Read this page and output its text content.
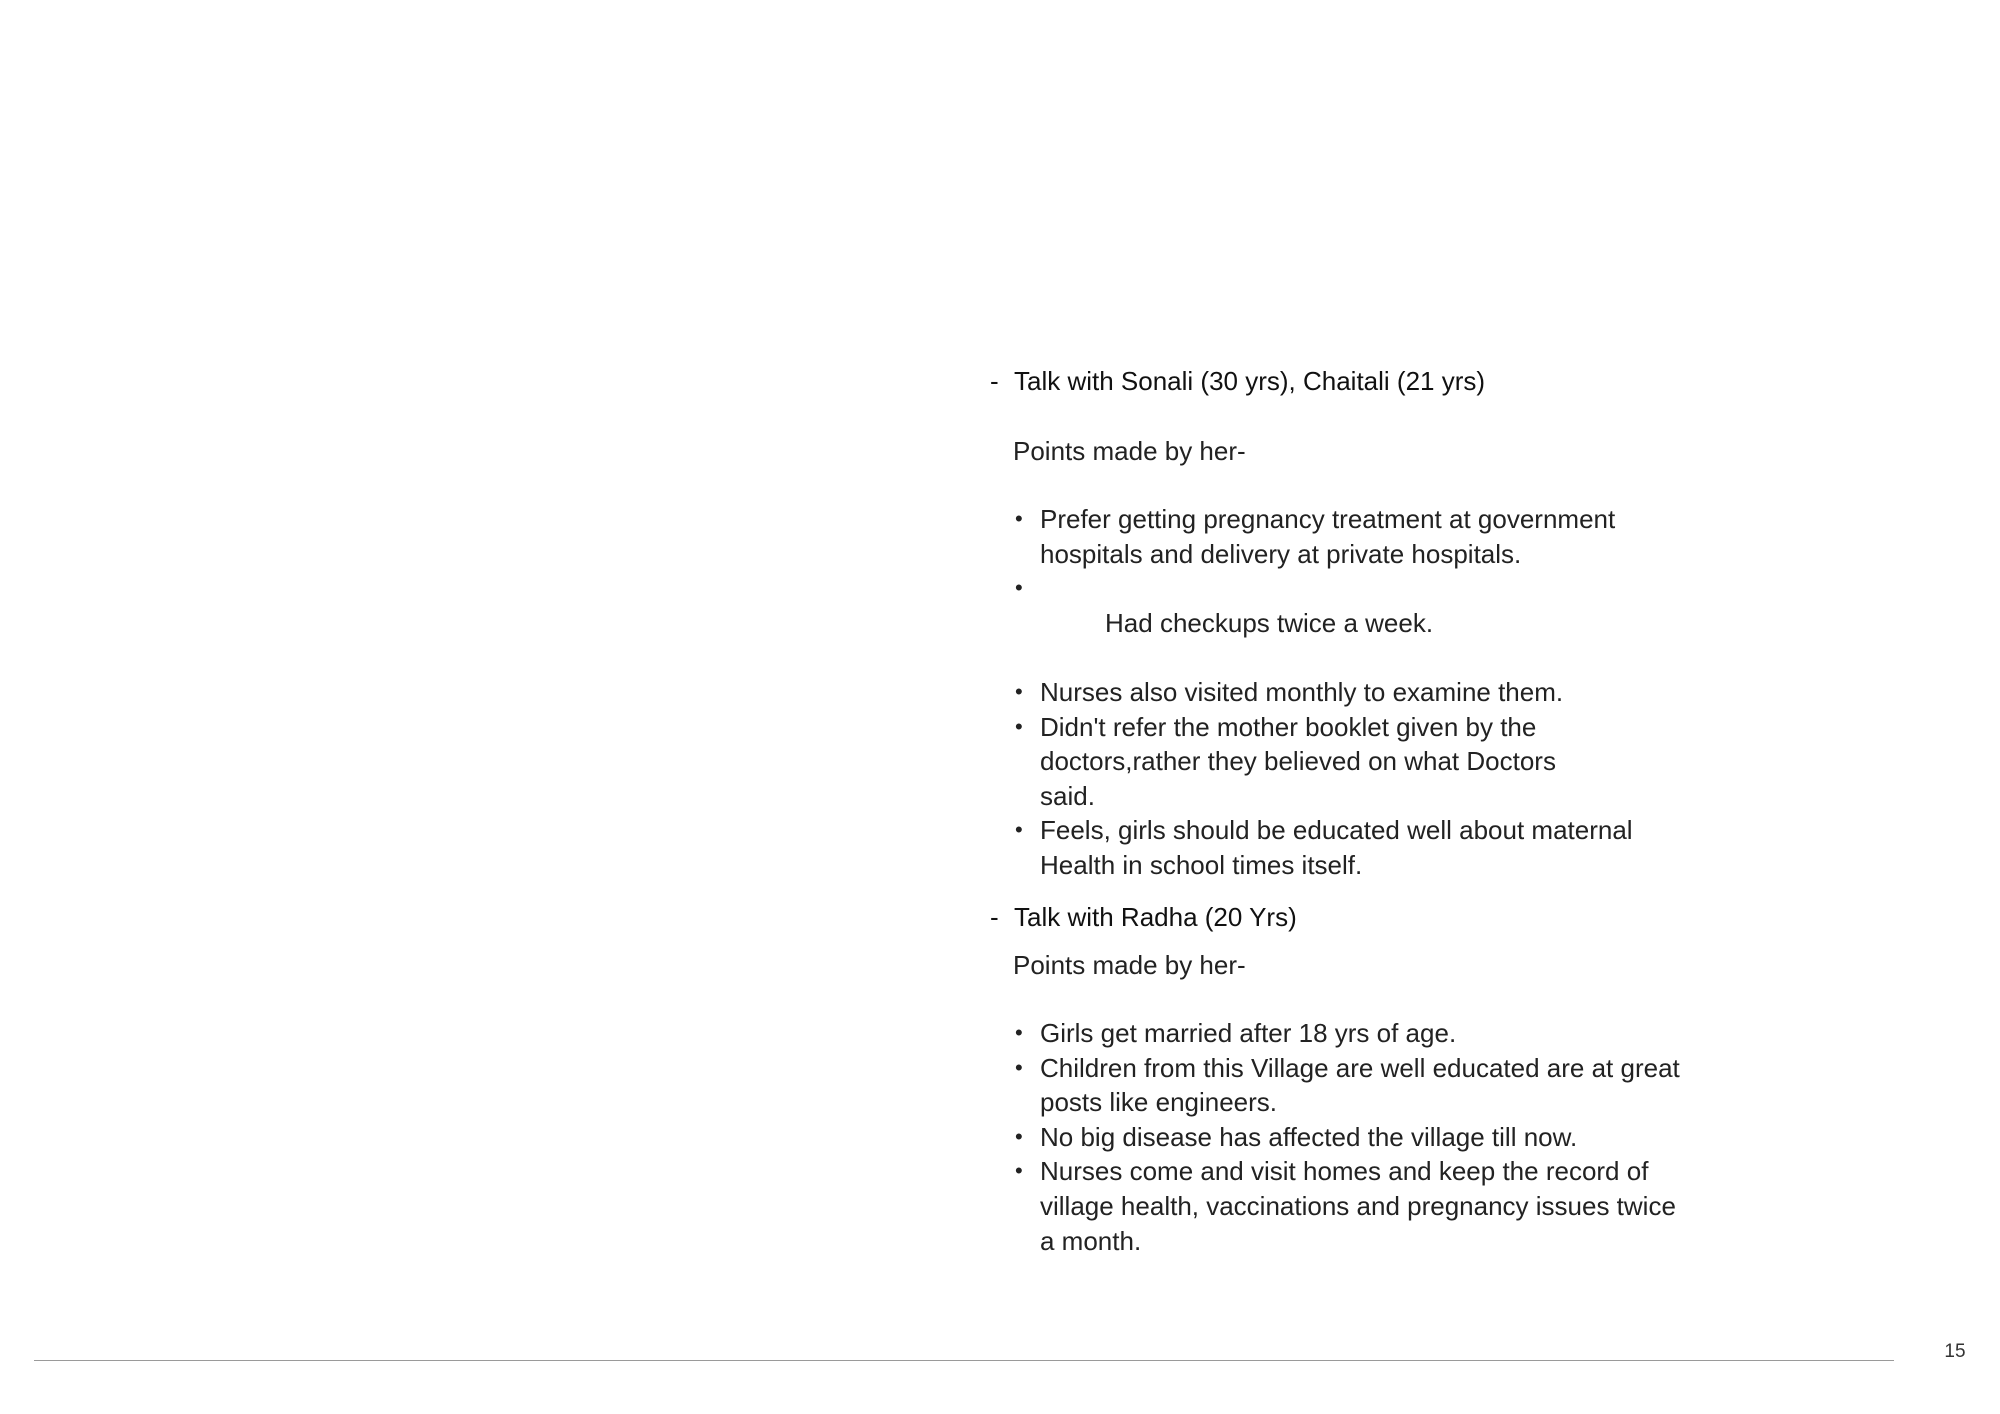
- Talk with Sonali (30 yrs), Chaitali (21 yrs)
Points made by her-
• Prefer getting pregnancy treatment at government hospitals and delivery at private hospitals.

•
Had checkups twice a week.

• Nurses also visited monthly to examine them.
• Didn't refer the mother booklet given by the doctors,rather they believed on what Doctors said.
• Feels, girls should be educated well about maternal Health in school times itself.
- Talk with Radha (20 Yrs)
Points made by her-
• Girls get married after 18 yrs of age.
• Children from this Village are well educated are at great posts like engineers.
• No big disease has affected the village till now.
• Nurses come and visit homes and keep the record of village health, vaccinations and pregnancy issues twice a month.
15
